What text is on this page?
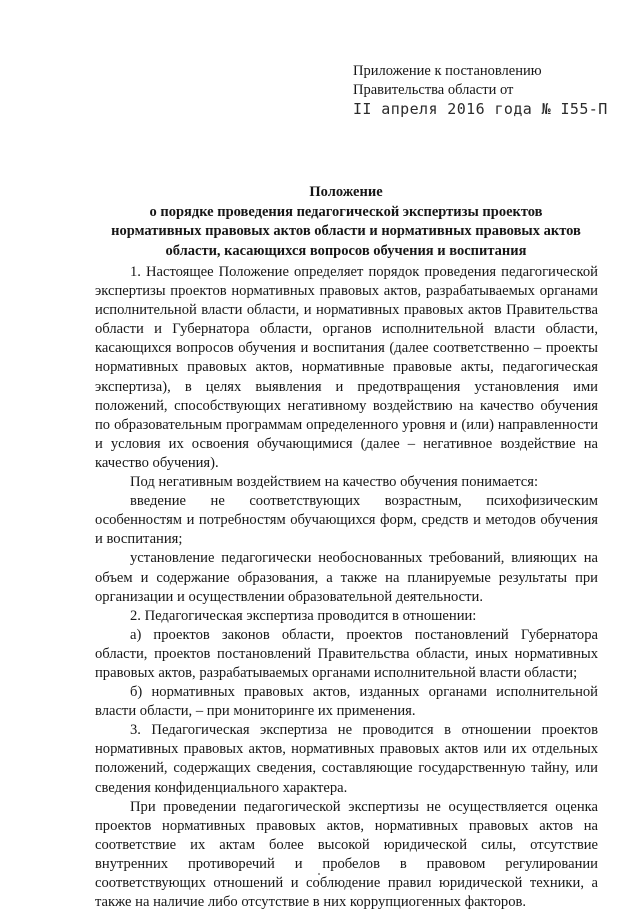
Приложение к постановлению
Правительства области от
II апреля 2016 года № I55-П
Положение
о порядке проведения педагогической экспертизы проектов
нормативных правовых актов области и нормативных правовых актов
области, касающихся вопросов обучения и воспитания

1. Настоящее Положение определяет порядок проведения педагогической экспертизы проектов нормативных правовых актов, разрабатываемых органами исполнительной власти области, и нормативных правовых актов Правительства области и Губернатора области, органов исполнительной власти области, касающихся вопросов обучения и воспитания (далее соответственно – проекты нормативных правовых актов, нормативные правовые акты, педагогическая экспертиза), в целях выявления и предотвращения установления ими положений, способствующих негативному воздействию на качество обучения по образовательным программам определенного уровня и (или) направленности и условия их освоения обучающимися (далее – негативное воздействие на качество обучения).

Под негативным воздействием на качество обучения понимается:

введение не соответствующих возрастным, психофизическим особенностям и потребностям обучающихся форм, средств и методов обучения и воспитания;

установление педагогически необоснованных требований, влияющих на объем и содержание образования, а также на планируемые результаты при организации и осуществлении образовательной деятельности.

2. Педагогическая экспертиза проводится в отношении:

а) проектов законов области, проектов постановлений Губернатора области, проектов постановлений Правительства области, иных нормативных правовых актов, разрабатываемых органами исполнительной власти области;

б) нормативных правовых актов, изданных органами исполнительной власти области, – при мониторинге их применения.

3. Педагогическая экспертиза не проводится в отношении проектов нормативных правовых актов, нормативных правовых актов или их отдельных положений, содержащих сведения, составляющие государственную тайну, или сведения конфиденциального характера.

При проведении педагогической экспертизы не осуществляется оценка проектов нормативных правовых актов, нормативных правовых актов на соответствие их актам более высокой юридической силы, отсутствие внутренних противоречий и пробелов в правовом регулировании соответствующих отношений и соблюдение правил юридической техники, а также на наличие либо отсутствие в них коррупциогенных факторов.
